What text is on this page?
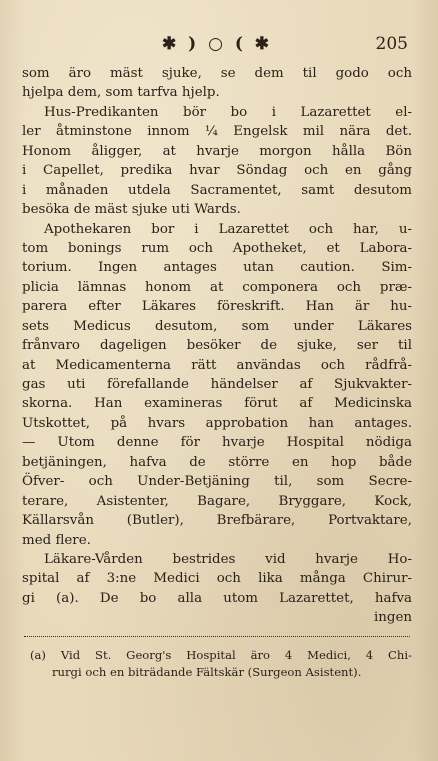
✱ ) ○ ( ✱	205
som äro mäst sjuke, se dem til godo och
hjelpa dem, som tarfva hjelp.
Hus-Predikanten bör bo i Lazarettet el-
ler åtminstone innom ¼ Engelsk mil nära det.
Honom åligger, at hvarje morgon hålla Bön
i Capellet, predika hvar Söndag och en gång
i månaden utdela Sacramentet, samt desutom
besöka de mäst sjuke uti Wards.
Apothekaren bor i Lazarettet och har, u-
tom bonings rum och Apotheket, et Labora-
torium. Ingen antages utan caution. Sim-
plicia lämnas honom at componera och præ-
parera efter Läkares föreskrift. Han är hu-
sets Medicus desutom, som under Läkares
frånvaro dageligen besöker de sjuke, ser til
at Medicamenterna rätt användas och rådfrå-
gas uti förefallande händelser af Sjukvakter-
skorna. Han examineras förut af Medicinska
Utskottet, på hvars approbation han antages.
— Utom denne för hvarje Hospital nödiga
betjäningen, hafva de större en hop både
Öfver- och Under-Betjäning til, som Secre-
terare, Asistenter, Bagare, Bryggare, Kock,
Källarsvån (Butler), Brefbärare, Portvaktare,
med flere.
Läkare-Vården bestrides vid hvarje Ho-
spital af 3:ne Medici och lika många Chirur-
gi (a). De bo alla utom Lazarettet, hafva
ingen
(a) Vid St. Georg's Hospital äro 4 Medici, 4 Chi-
rurgi och en biträdande Fältskär (Surgeon Asistent).
